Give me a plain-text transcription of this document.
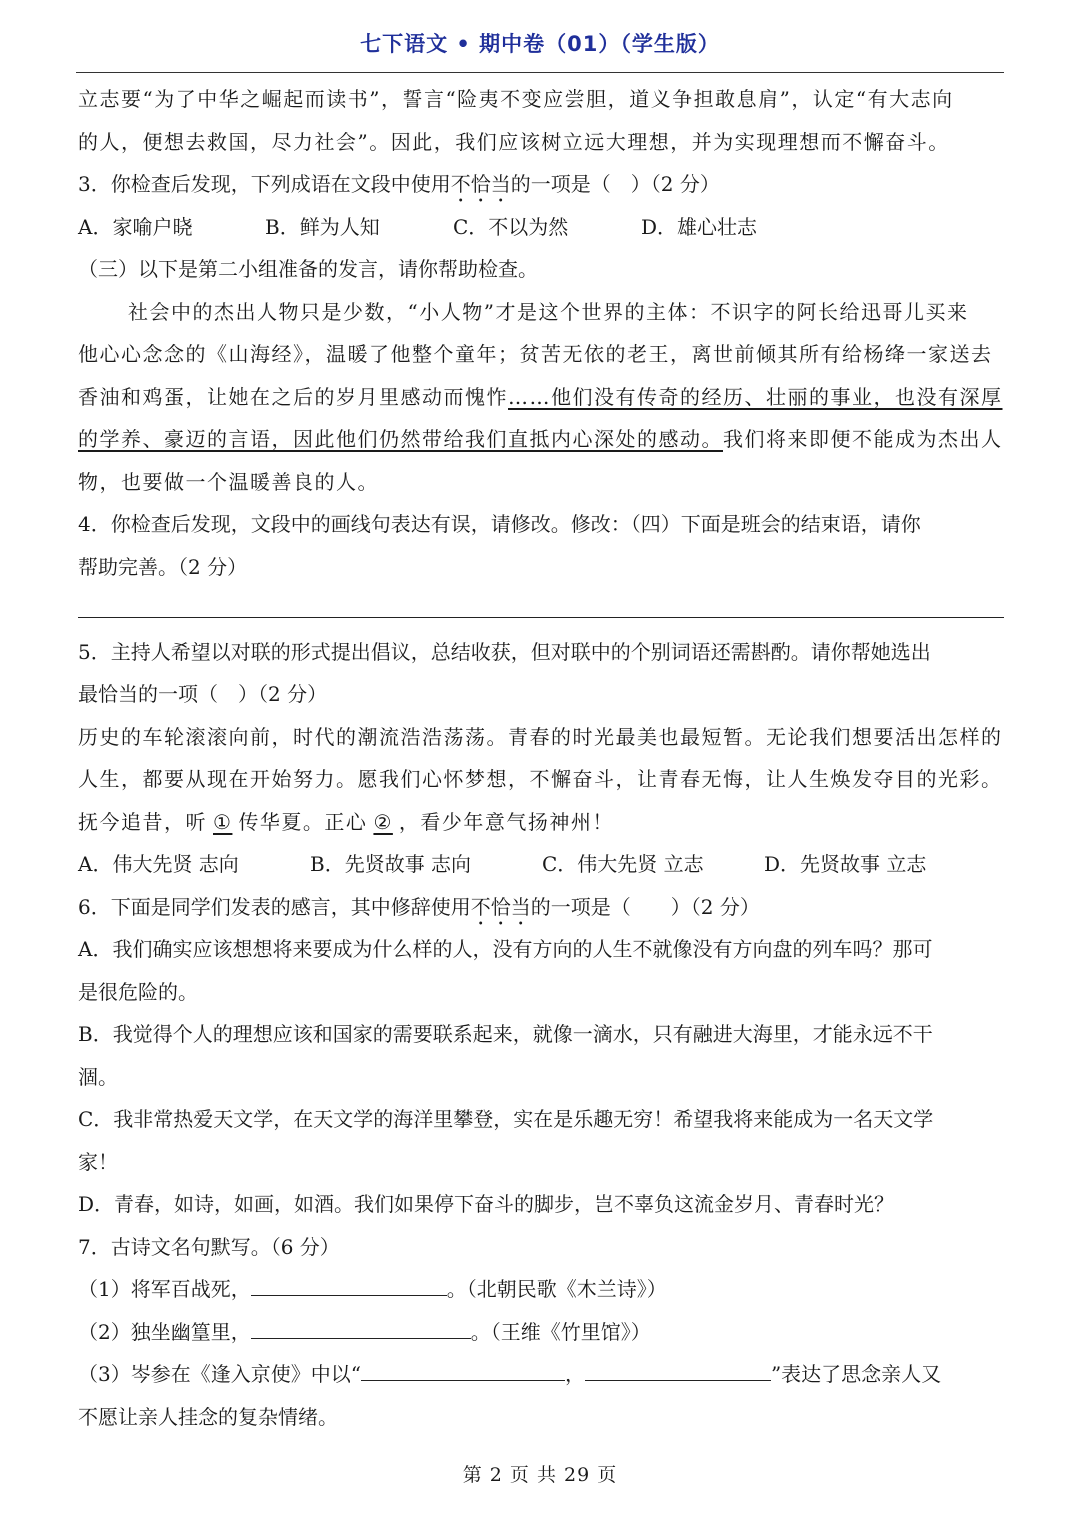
七下语文 • 期中卷（01）（学生版）
立志要“为了中华之崛起而读书”，誓言“险夷不变应尝胆，道义争担敢息肩”，认定“有大志向
的人，便想去救国，尽力社会”。因此，我们应该树立远大理想，并为实现理想而不懈奋斗。
3．你检查后发现，下列成语在文段中使用不恰当的一项是（　）（2 分）
A．家喻户晓	B．鲜为人知	C．不以为然	D．雄心壮志
（三）以下是第二小组准备的发言，请你帮助检查。
社会中的杰出人物只是少数，“小人物”才是这个世界的主体：不识字的阿长给迅哥儿买来
他心心念念的《山海经》，温暖了他整个童年；贫苦无依的老王，离世前倾其所有给杨绛一家送去
香油和鸡蛋，让她在之后的岁月里感动而愧怍……他们没有传奇的经历、壮丽的事业，也没有深厚
的学养、豪迈的言语，因此他们仍然带给我们直抵内心深处的感动。我们将来即便不能成为杰出人
物，也要做一个温暖善良的人。
4．你检查后发现，文段中的画线句表达有误，请修改。修改：（四）下面是班会的结束语，请你
帮助完善。（2 分）
5．主持人希望以对联的形式提出倡议，总结收获，但对联中的个别词语还需斟酌。请你帮她选出
最恰当的一项（　）（2 分）
历史的车轮滚滚向前，时代的潮流浩浩荡荡。青春的时光最美也最短暂。无论我们想要活出怎样的
人生，都要从现在开始努力。愿我们心怀梦想，不懈奋斗，让青春无悔，让人生焕发夺目的光彩。
抚今追昔，听 ① 传华夏。正心 ② ，看少年意气扬神州！
A．伟大先贤 志向	B．先贤故事 志向	C．伟大先贤 立志	D．先贤故事 立志
6．下面是同学们发表的感言，其中修辞使用不恰当的一项是（　　）（2 分）
A．我们确实应该想想将来要成为什么样的人，没有方向的人生不就像没有方向盘的列车吗？那可
是很危险的。
B．我觉得个人的理想应该和国家的需要联系起来，就像一滴水，只有融进大海里，才能永远不干
涸。
C．我非常热爱天文学，在天文学的海洋里攀登，实在是乐趣无穷！希望我将来能成为一名天文学
家！
D．青春，如诗，如画，如酒。我们如果停下奋斗的脚步，岂不辜负这流金岁月、青春时光？
7．古诗文名句默写。（6 分）
（1）将军百战死，	。（北朝民歌《木兰诗》）
（2）独坐幽篁里，	。（王维《竹里馆》）
（3）岑参在《逢入京使》中以“	，	”表达了思念亲人又
不愿让亲人挂念的复杂情绪。
第 2 页 共 29 页
